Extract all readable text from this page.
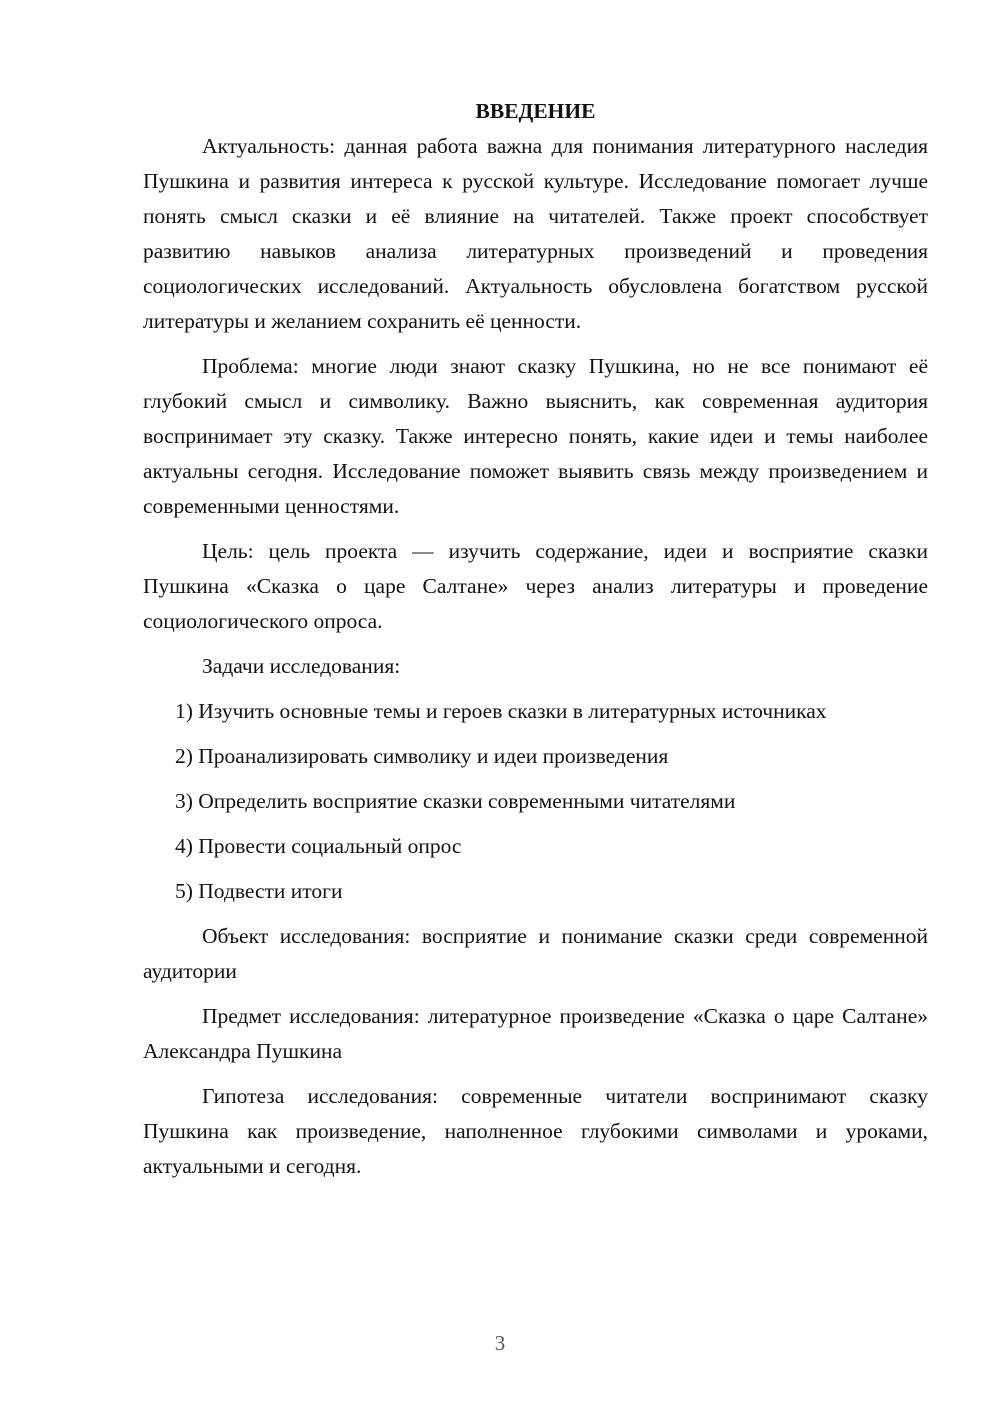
ВВЕДЕНИЕ

Актуальность: данная работа важна для понимания литературного наследия Пушкина и развития интереса к русской культуре. Исследование помогает лучше понять смысл сказки и её влияние на читателей. Также проект способствует развитию навыков анализа литературных произведений и проведения социологических исследований. Актуальность обусловлена богатством русской литературы и желанием сохранить её ценности.

Проблема: многие люди знают сказку Пушкина, но не все понимают её глубокий смысл и символику. Важно выяснить, как современная аудитория воспринимает эту сказку. Также интересно понять, какие идеи и темы наиболее актуальны сегодня. Исследование поможет выявить связь между произведением и современными ценностями.

Цель: цель проекта — изучить содержание, идеи и восприятие сказки Пушкина «Сказка о царе Салтане» через анализ литературы и проведение социологического опроса.

Задачи исследования:

1) Изучить основные темы и героев сказки в литературных источниках
2) Проанализировать символику и идеи произведения
3) Определить восприятие сказки современными читателями
4) Провести социальный опрос
5) Подвести итоги

Объект исследования: восприятие и понимание сказки среди современной аудитории

Предмет исследования: литературное произведение «Сказка о царе Салтане» Александра Пушкина

Гипотеза исследования: современные читатели воспринимают сказку Пушкина как произведение, наполненное глубокими символами и уроками, актуальными и сегодня.

3
